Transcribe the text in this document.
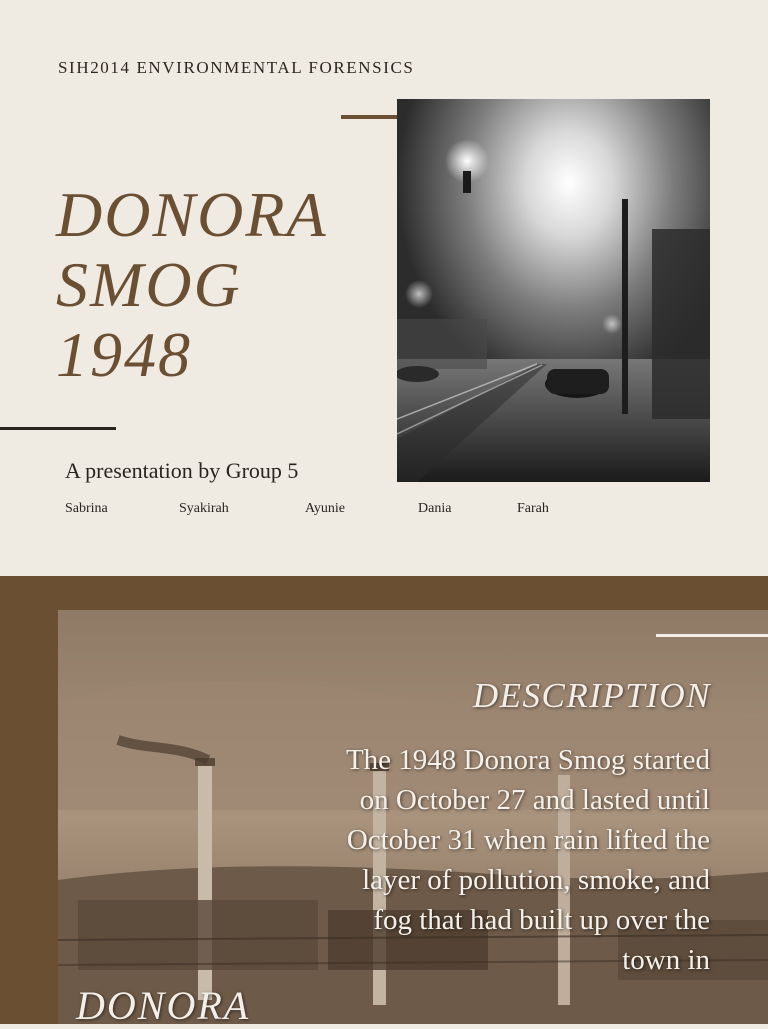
SIH2014 ENVIRONMENTAL FORENSICS
DONORA
SMOG
1948
A presentation by Group 5
Sabrina	Syakirah	Ayunie	Dania	Farah
DESCRIPTION
The 1948 Donora Smog started on October 27 and lasted until October 31 when rain lifted the layer of pollution, smoke, and fog that had built up over the town in
DONORA
